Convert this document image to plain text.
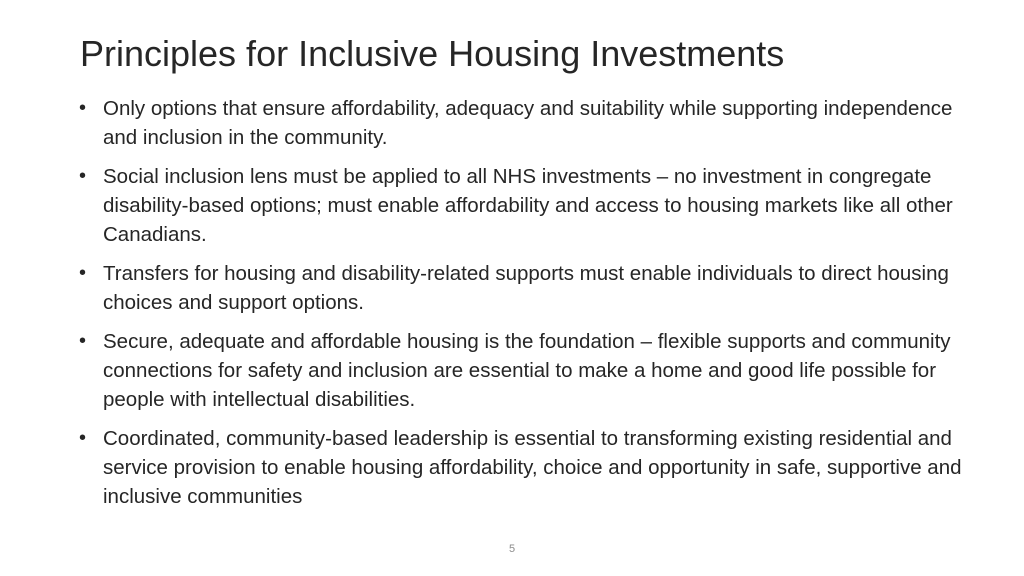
Principles for Inclusive Housing Investments
• Only options that ensure affordability, adequacy and suitability while supporting independence and inclusion in the community.
• Social inclusion lens must be applied to all NHS investments – no investment in congregate disability-based options; must enable affordability and access to housing markets like all other Canadians.
• Transfers for housing and disability-related supports must enable individuals to direct housing choices and support options.
• Secure, adequate and affordable housing is the foundation – flexible supports and community connections for safety and inclusion are essential to make a home and good life possible for people with intellectual disabilities.
• Coordinated, community-based leadership is essential to transforming existing residential and service provision to enable housing affordability, choice and opportunity in safe, supportive and inclusive communities
5
